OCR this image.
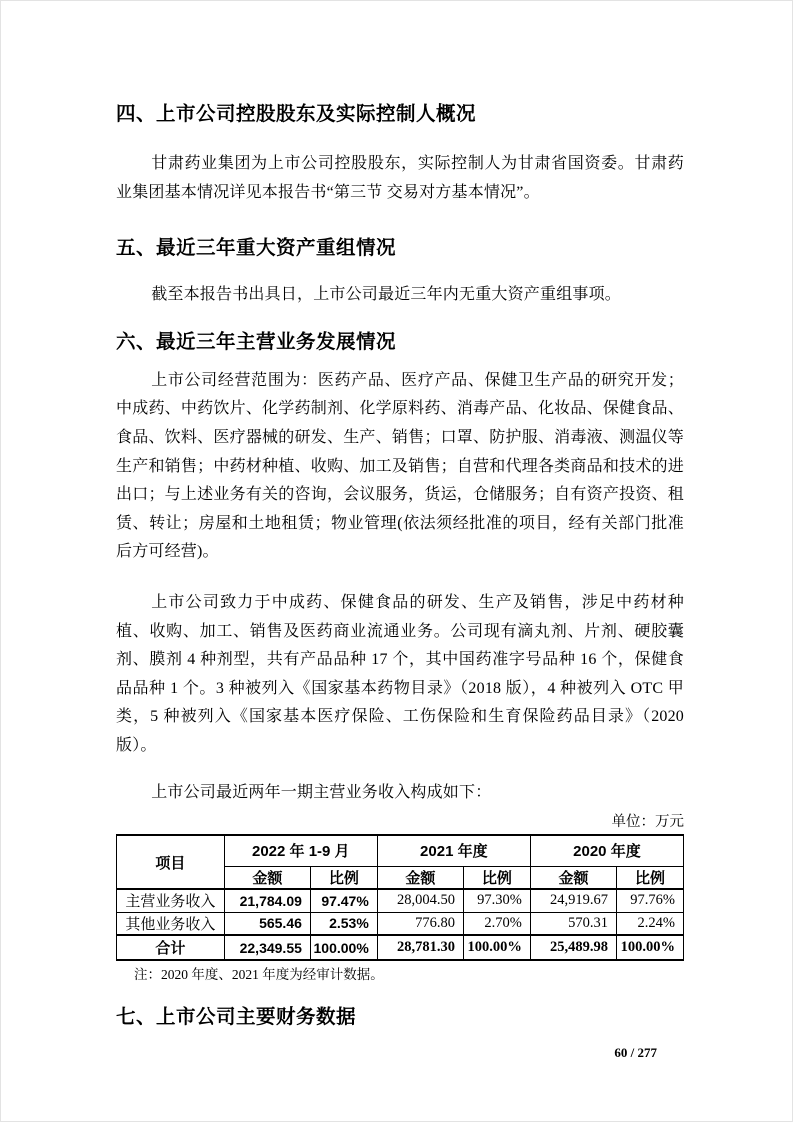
四、上市公司控股股东及实际控制人概况

甘肃药业集团为上市公司控股股东，实际控制人为甘肃省国资委。甘肃药业集团基本情况详见本报告书“第三节 交易对方基本情况”。

五、最近三年重大资产重组情况

截至本报告书出具日，上市公司最近三年内无重大资产重组事项。

六、最近三年主营业务发展情况

上市公司经营范围为：医药产品、医疗产品、保健卫生产品的研究开发；中成药、中药饮片、化学药制剂、化学原料药、消毒产品、化妆品、保健食品、食品、饮料、医疗器械的研发、生产、销售；口罩、防护服、消毒液、测温仪等生产和销售；中药材种植、收购、加工及销售；自营和代理各类商品和技术的进出口；与上述业务有关的咨询，会议服务，货运，仓储服务；自有资产投资、租赁、转让；房屋和土地租赁；物业管理(依法须经批准的项目，经有关部门批准后方可经营)。

上市公司致力于中成药、保健食品的研发、生产及销售，涉足中药材种植、收购、加工、销售及医药商业流通业务。公司现有滴丸剂、片剂、硬胶囊剂、膜剂 4 种剂型，共有产品品种 17 个，其中国药准字号品种 16 个，保健食品品种 1 个。3 种被列入《国家基本药物目录》（2018 版），4 种被列入 OTC 甲类，5 种被列入《国家基本医疗保险、工伤保险和生育保险药品目录》（2020 版）。

上市公司最近两年一期主营业务收入构成如下：

单位：万元
项目	2022 年 1-9 月		2021 年度		2020 年度	
	金额	比例	金额	比例	金额	比例
主营业务收入	21,784.09	97.47%	28,004.50	97.30%	24,919.67	97.76%
其他业务收入	565.46	2.53%	776.80	2.70%	570.31	2.24%
合计	22,349.55	100.00%	28,781.30	100.00%	25,489.98	100.00%
注：2020 年度、2021 年度为经审计数据。
七、上市公司主要财务数据
60 / 277
